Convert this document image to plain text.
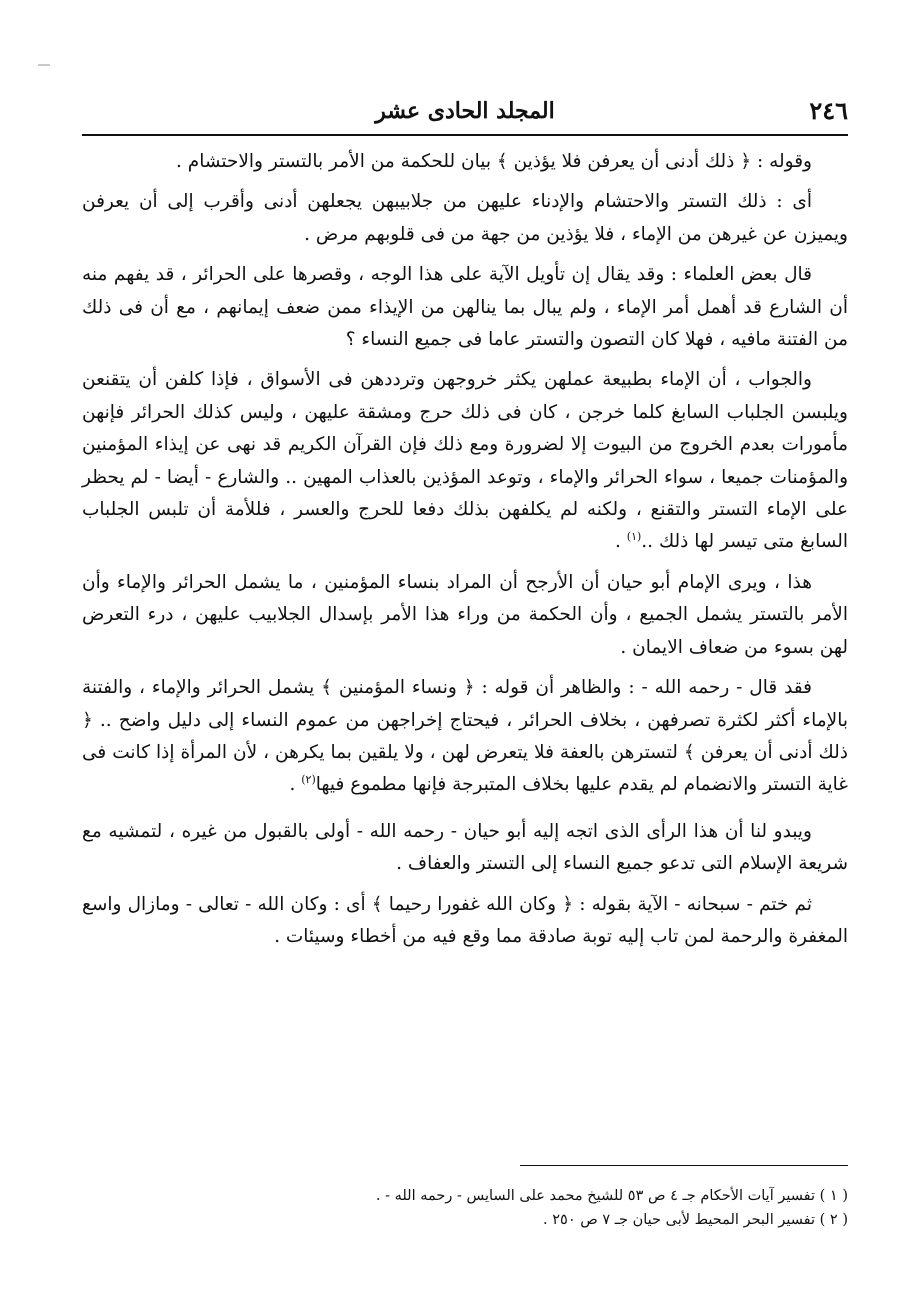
٢٤٦
المجلد الحادى عشر

وقوله : ﴿ ذلك أدنى أن يعرفن فلا يؤذين ﴾ بيان للحكمة من الأمر بالتستر والاحتشام .

أى : ذلك التستر والاحتشام والإدناء عليهن من جلابيبهن يجعلهن أدنى وأقرب إلى أن يعرفن ويميزن عن غيرهن من الإماء ، فلا يؤذين من جهة من فى قلوبهم مرض .

قال بعض العلماء : وقد يقال إن تأويل الآية على هذا الوجه ، وقصرها على الحرائر ، قد يفهم منه أن الشارع قد أهمل أمر الإماء ، ولم يبال بما ينالهن من الإيذاء ممن ضعف إيمانهم ، مع أن فى ذلك من الفتنة مافيه ، فهلا كان التصون والتستر عاما فى جميع النساء ؟

والجواب ، أن الإماء بطبيعة عملهن يكثر خروجهن وترددهن فى الأسواق ، فإذا كلفن أن يتقنعن ويلبسن الجلباب السابغ كلما خرجن ، كان فى ذلك حرج ومشقة عليهن ، وليس كذلك الحرائر فإنهن مأمورات بعدم الخروج من البيوت إلا لضرورة ومع ذلك فإن القرآن الكريم قد نهى عن إيذاء المؤمنين والمؤمنات جميعا ، سواء الحرائر والإماء ، وتوعد المؤذين بالعذاب المهين .. والشارع - أيضا - لم يحظر على الإماء التستر والتقنع ، ولكنه لم يكلفهن بذلك دفعا للحرج والعسر ، فللأمة أن تلبس الجلباب السابغ متى تيسر لها ذلك ..$^{(١)}$ .

هذا ، ويرى الإمام أبو حيان أن الأرجح أن المراد بنساء المؤمنين ، ما يشمل الحرائر والإماء وأن الأمر بالتستر يشمل الجميع ، وأن الحكمة من وراء هذا الأمر بإسدال الجلابيب عليهن ، درء التعرض لهن بسوء من ضعاف الايمان .

فقد قال - رحمه الله - : والظاهر أن قوله : ﴿ ونساء المؤمنين ﴾ يشمل الحرائر والإماء ، والفتنة بالإماء أكثر لكثرة تصرفهن ، بخلاف الحرائر ، فيحتاج إخراجهن من عموم النساء إلى دليل واضح .. ﴿ ذلك أدنى أن يعرفن ﴾ لتسترهن بالعفة فلا يتعرض لهن ، ولا يلقين بما يكرهن ، لأن المرأة إذا كانت فى غاية التستر والانضمام لم يقدم عليها بخلاف المتبرجة فإنها مطموع فيها$^{(٢)}$ .

ويبدو لنا أن هذا الرأى الذى اتجه إليه أبو حيان - رحمه الله - أولى بالقبول من غيره ، لتمشيه مع شريعة الإسلام التى تدعو جميع النساء إلى التستر والعفاف .

ثم ختم - سبحانه - الآية بقوله : ﴿ وكان الله غفورا رحيما ﴾ أى : وكان الله - تعالى - ومازال واسع المغفرة والرحمة لمن تاب إليه توبة صادقة مما وقع فيه من أخطاء وسيئات .

( ١ ) تفسير آيات الأحكام جـ ٤ ص ٥٣ للشيخ محمد على السايس - رحمه الله - .

( ٢ ) تفسير البحر المحيط لأبى حيان جـ ٧ ص ٢٥٠ .
